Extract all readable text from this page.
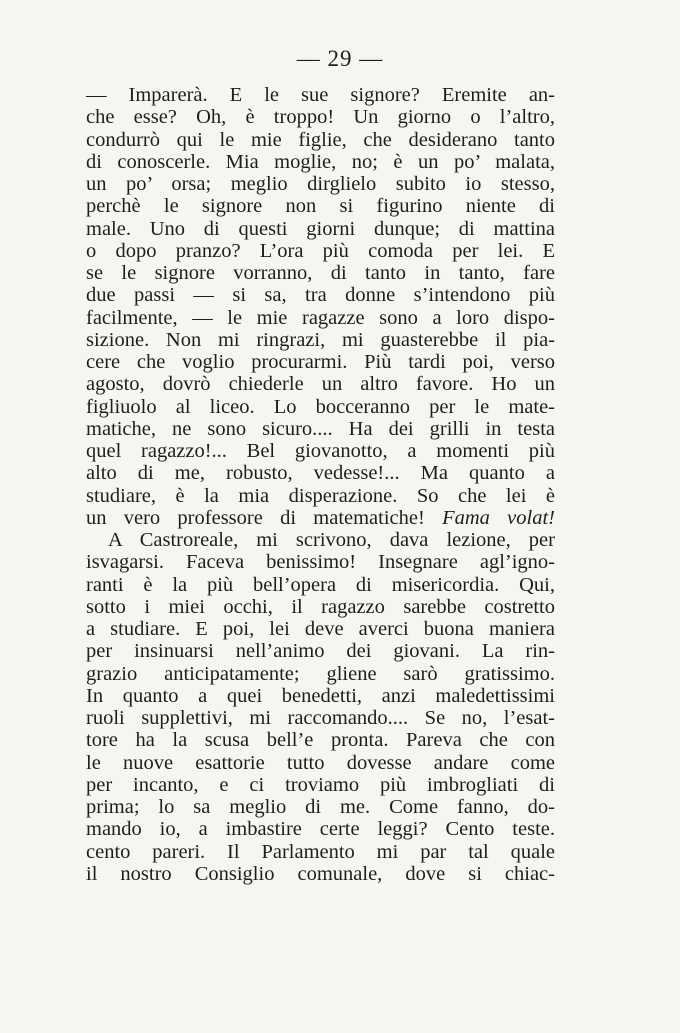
— 29 —
— Imparerà. E le sue signore? Eremite an-
che esse? Oh, è troppo! Un giorno o l’altro,
condurrò qui le mie figlie, che desiderano tanto
di conoscerle. Mia moglie, no; è un po’ malata,
un po’ orsa; meglio dirglielo subito io stesso,
perchè le signore non si figurino niente di
male. Uno di questi giorni dunque; di mattina
o dopo pranzo? L’ora più comoda per lei. E
se le signore vorranno, di tanto in tanto, fare
due passi — si sa, tra donne s’intendono più
facilmente, — le mie ragazze sono a loro dispo-
sizione. Non mi ringrazi, mi guasterebbe il pia-
cere che voglio procurarmi. Più tardi poi, verso
agosto, dovrò chiederle un altro favore. Ho un
figliuolo al liceo. Lo bocceranno per le mate-
matiche, ne sono sicuro.... Ha dei grilli in testa
quel ragazzo!... Bel giovanotto, a momenti più
alto di me, robusto, vedesse!... Ma quanto a
studiare, è la mia disperazione. So che lei è
un vero professore di matematiche! Fama volat!
A Castroreale, mi scrivono, dava lezione, per
isvagarsi. Faceva benissimo! Insegnare agl’igno-
ranti è la più bell’opera di misericordia. Qui,
sotto i miei occhi, il ragazzo sarebbe costretto
a studiare. E poi, lei deve averci buona maniera
per insinuarsi nell’animo dei giovani. La rin-
grazio anticipatamente; gliene sarò gratissimo.
In quanto a quei benedetti, anzi maledettissimi
ruoli supplettivi, mi raccomando.... Se no, l’esat-
tore ha la scusa bell’e pronta. Pareva che con
le nuove esattorie tutto dovesse andare come
per incanto, e ci troviamo più imbrogliati di
prima; lo sa meglio di me. Come fanno, do-
mando io, a imbastire certe leggi? Cento teste.
cento pareri. Il Parlamento mi par tal quale
il nostro Consiglio comunale, dove si chiac-
